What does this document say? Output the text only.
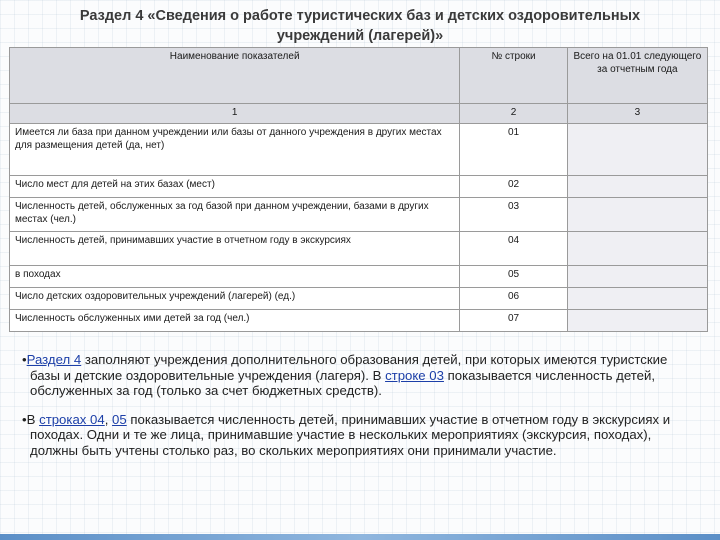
Раздел 4 «Сведения о работе туристических баз и детских оздоровительных учреждений (лагерей)»
Наименование показателей	№ строки	Всего на 01.01 следующего за отчетным года
1	2	3
Имеется ли база при данном учреждении или базы от данного учреждения в других местах для размещения детей (да, нет)	01	
Число мест для детей на этих базах (мест)	02	
Численность детей, обслуженных за год базой при данном учреждении, базами в других местах (чел.)	03	
Численность детей, принимавших участие в отчетном году в экскурсиях	04	
в походах	05	
Число детских оздоровительных учреждений (лагерей) (ед.)	06	
Численность обслуженных ими детей за год (чел.)	07	

•Раздел 4 заполняют учреждения дополнительного образования детей, при которых имеются туристские базы и детские оздоровительные учреждения (лагеря). В строке 03 показывается численность детей, обслуженных за год (только за счет бюджетных средств).

•В строках 04, 05 показывается численность детей, принимавших участие в отчетном году в экскурсиях и походах. Одни и те же лица, принимавшие участие в нескольких мероприятиях (экскурсия, походах), должны быть учтены столько раз, во скольких мероприятиях они принимали участие.
